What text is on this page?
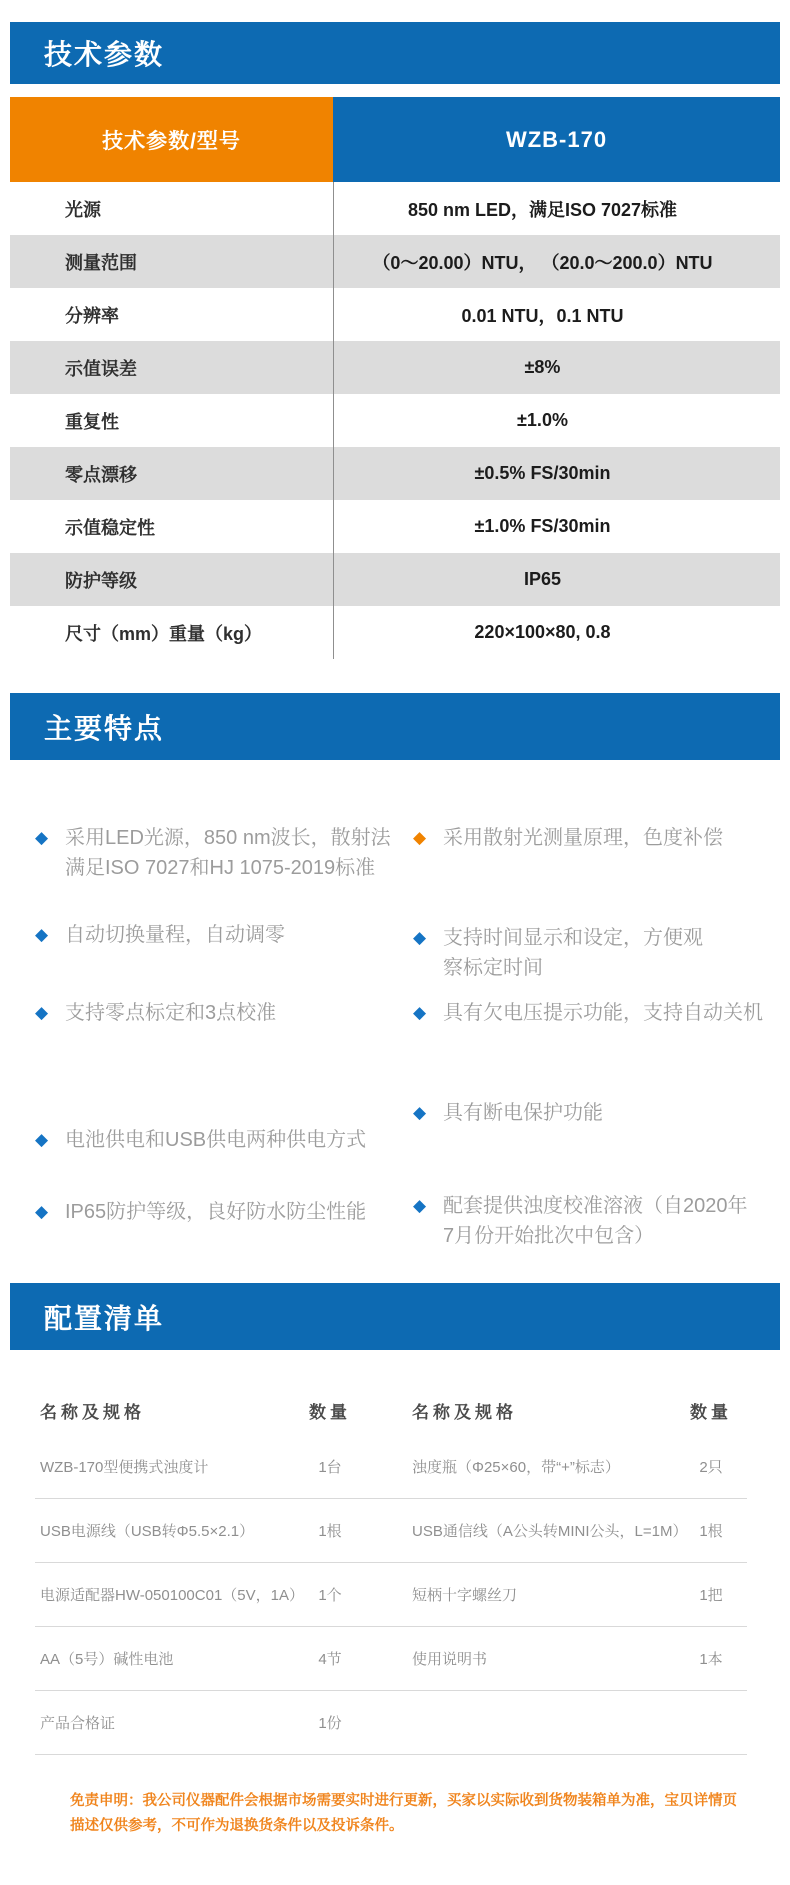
技术参数
技术参数/型号	WZB-170
光源	850 nm LED，满足ISO 7027标准
测量范围	（0～20.00）NTU， （20.0～200.0）NTU
分辨率	0.01 NTU，0.1 NTU
示值误差	±8%
重复性	±1.0%
零点漂移	±0.5% FS/30min
示值稳定性	±1.0% FS/30min
防护等级	IP65
尺寸（mm）重量（kg）	220×100×80, 0.8
主要特点
◆ 采用LED光源，850 nm波长，散射法满足ISO 7027和HJ 1075-2019标准
◆ 自动切换量程，自动调零
◆ 支持零点标定和3点校准
◆ 电池供电和USB供电两种供电方式
◆ IP65防护等级，良好防水防尘性能
◆ 采用散射光测量原理，色度补偿
◆ 支持时间显示和设定，方便观察标定时间
◆ 具有欠电压提示功能，支持自动关机
◆ 具有断电保护功能
◆ 配套提供浊度校准溶液（自2020年7月份开始批次中包含）
配置清单
名称及规格	数量	名称及规格	数量
WZB-170型便携式浊度计	1台	浊度瓶（Φ25×60，带“+”标志）	2只
USB电源线（USB转Φ5.5×2.1）	1根	USB通信线（A公头转MINI公头，L=1M） 1根
电源适配器HW-050100C01（5V，1A） 1个	短柄十字螺丝刀	1把
AA（5号）碱性电池	4节	使用说明书	1本
产品合格证	1份
免责申明：我公司仪器配件会根据市场需要实时进行更新，买家以实际收到货物装箱单为准，宝贝详情页描述仅供参考，不可作为退换货条件以及投诉条件。
